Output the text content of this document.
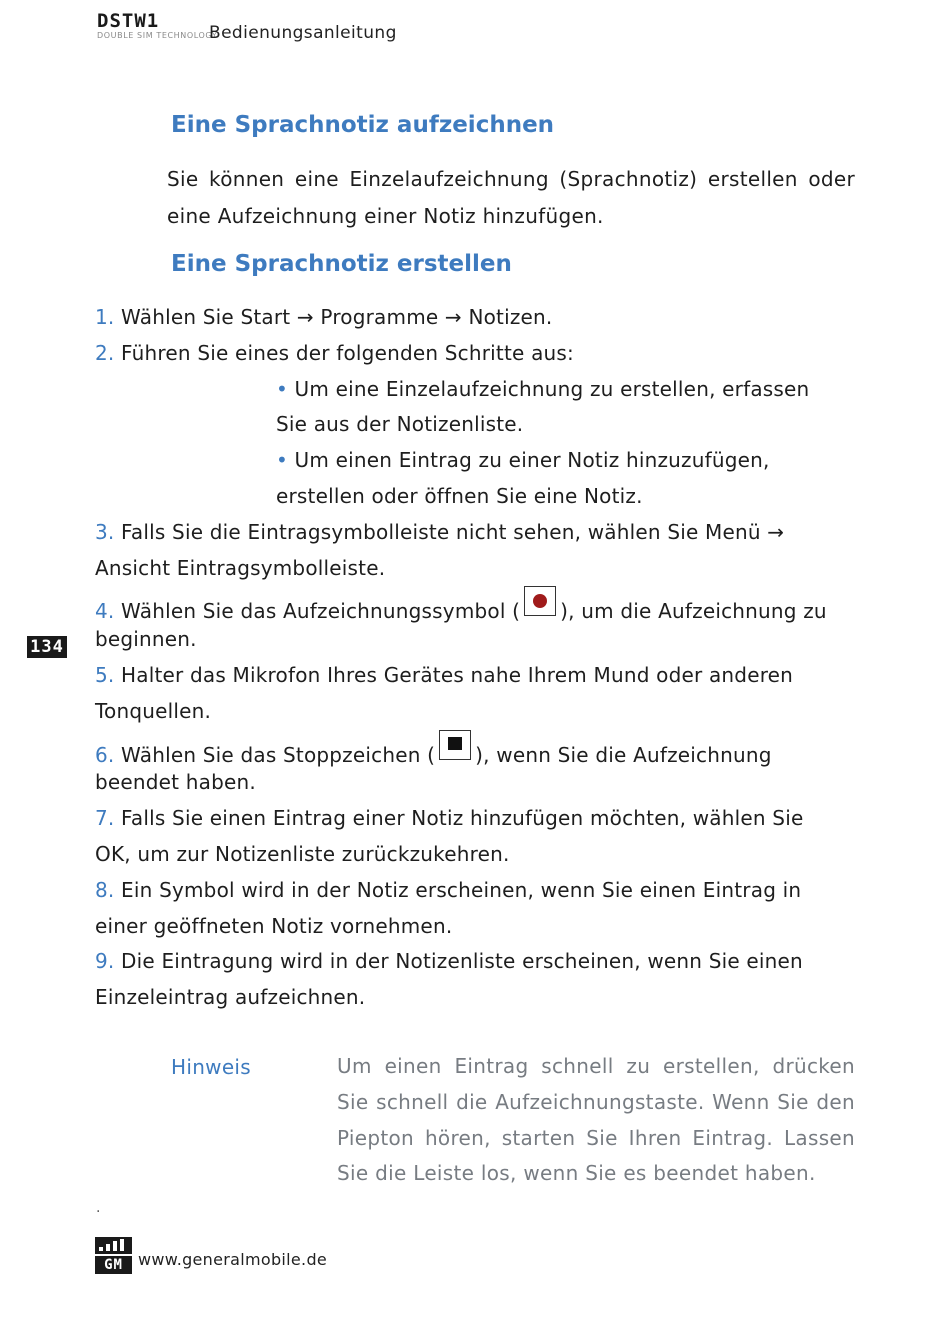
DSTW1
DOUBLE SIM TECHNOLOGY
Bedienungsanleitung
Eine Sprachnotiz aufzeichnen

Sie können eine Einzelaufzeichnung (Sprachnotiz) erstellen oder eine Aufzeichnung einer Notiz hinzufügen.

Eine Sprachnotiz erstellen
1. Wählen Sie Start → Programme → Notizen.
2. Führen Sie eines der folgenden Schritte aus:
• Um eine Einzelaufzeichnung zu erstellen, erfassen
Sie aus der Notizenliste.
• Um einen Eintrag zu einer Notiz hinzuzufügen,
erstellen oder öffnen Sie eine Notiz.
3. Falls Sie die Eintragsymbolleiste nicht sehen, wählen Sie Menü →
Ansicht Eintragsymbolleiste.
4. Wählen Sie das Aufzeichnungssymbol ( ), um die Aufzeichnung zu
beginnen.
5. Halter das Mikrofon Ihres Gerätes nahe Ihrem Mund oder anderen
Tonquellen.
6. Wählen Sie das Stoppzeichen ( ), wenn Sie die Aufzeichnung
beendet haben.
7. Falls Sie einen Eintrag einer Notiz hinzufügen möchten, wählen Sie
OK, um zur Notizenliste zurückzukehren.
8. Ein Symbol wird in der Notiz erscheinen, wenn Sie einen Eintrag in
einer geöffneten Notiz vornehmen.
9. Die Eintragung wird in der Notizenliste erscheinen, wenn Sie einen
Einzeleintrag aufzeichnen.
134
Hinweis	Um einen Eintrag schnell zu erstellen, drücken Sie schnell die Aufzeichnungstaste. Wenn Sie den Piepton hören, starten Sie Ihren Eintrag. Lassen Sie die Leiste los, wenn Sie es beendet haben.

.
GM www.generalmobile.de
